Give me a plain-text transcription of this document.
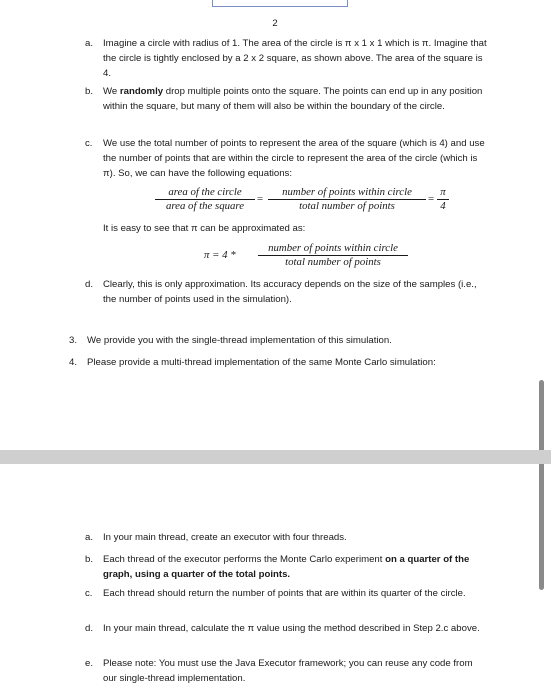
2
a. Imagine a circle with radius of 1. The area of the circle is π x 1 x 1 which is π. Imagine that the circle is tightly enclosed by a 2 x 2 square, as shown above. The area of the square is 4.
b. We randomly drop multiple points onto the square. The points can end up in any position within the square, but many of them will also be within the boundary of the circle.
c. We use the total number of points to represent the area of the square (which is 4) and use the number of points that are within the circle to represent the area of the circle (which is π). So, we can have the following equations:
area of the circle
area of the square
=
number of points within circle
total number of points
= $\frac{\pi}{4}$
It is easy to see that π can be approximated as:
π = 4 *
number of points within circle
total number of points
d. Clearly, this is only approximation. Its accuracy depends on the size of the samples (i.e., the number of points used in the simulation).
3. We provide you with the single-thread implementation of this simulation.
4. Please provide a multi-thread implementation of the same Monte Carlo simulation:
a. In your main thread, create an executor with four threads.
b. Each thread of the executor performs the Monte Carlo experiment on a quarter of the graph, using a quarter of the total points.
c. Each thread should return the number of points that are within its quarter of the circle.
d. In your main thread, calculate the π value using the method described in Step 2.c above.
e. Please note: You must use the Java Executor framework; you can reuse any code from our single-thread implementation.
